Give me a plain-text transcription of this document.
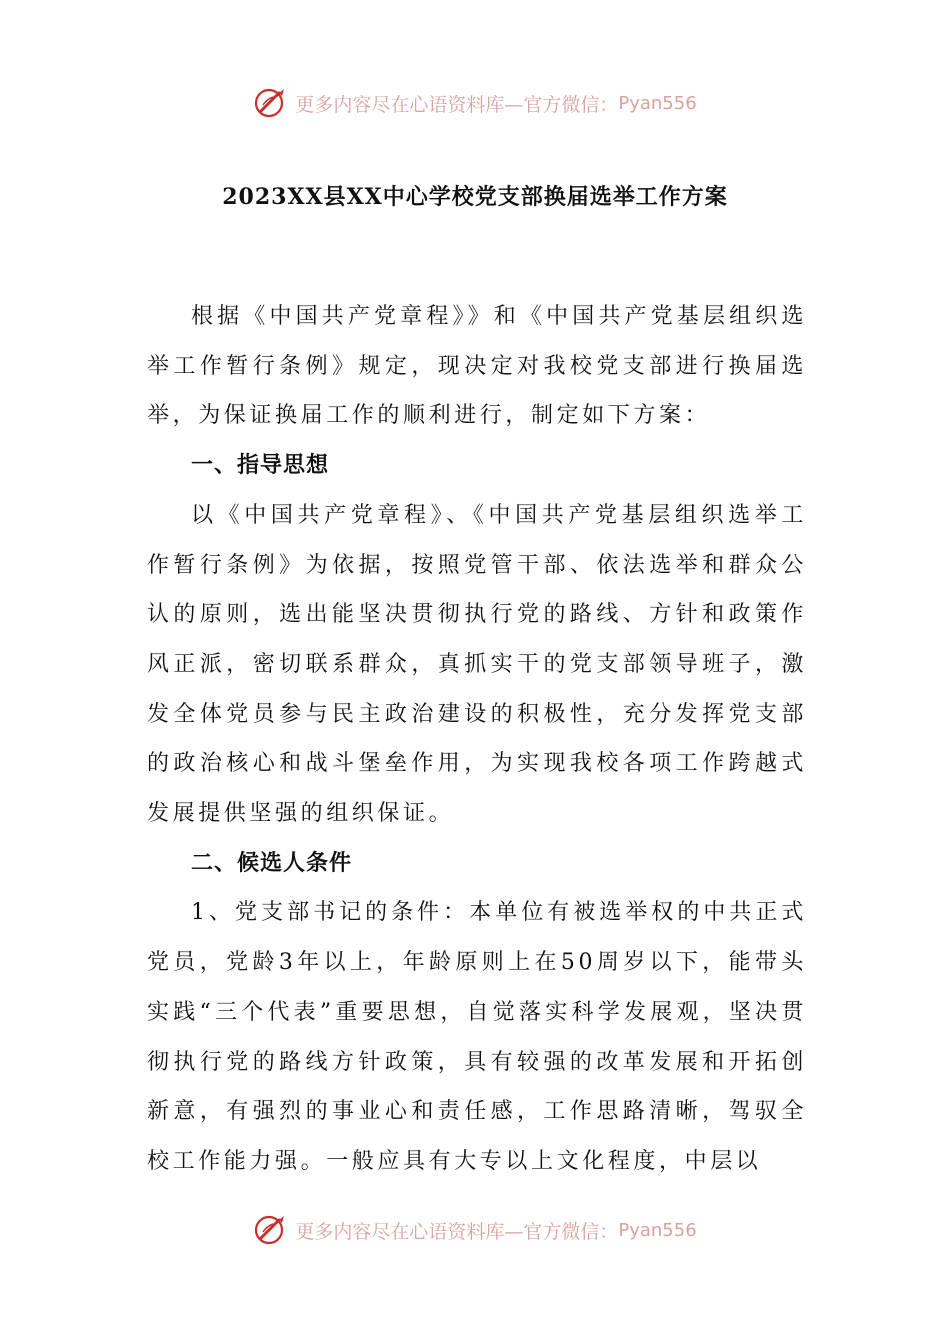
更多内容尽在心语资料库—官方微信： Pyan556
2023XX县XX中心学校党支部换届选举工作方案

根据《中国共产党章程》》和《中国共产党基层组织选举工作暂行条例》规定，现决定对我校党支部进行换届选举，为保证换届工作的顺利进行，制定如下方案：

一、指导思想

以《中国共产党章程》、《中国共产党基层组织选举工作暂行条例》为依据，按照党管干部、依法选举和群众公认的原则，选出能坚决贯彻执行党的路线、方针和政策作风正派，密切联系群众，真抓实干的党支部领导班子，激发全体党员参与民主政治建设的积极性，充分发挥党支部的政治核心和战斗堡垒作用，为实现我校各项工作跨越式发展提供坚强的组织保证。

二、候选人条件

1、党支部书记的条件：本单位有被选举权的中共正式党员，党龄3年以上，年龄原则上在50周岁以下，能带头实践“三个代表”重要思想，自觉落实科学发展观，坚决贯彻执行党的路线方针政策，具有较强的改革发展和开拓创新意，有强烈的事业心和责任感，工作思路清晰，驾驭全校工作能力强。一般应具有大专以上文化程度，中层以

更多内容尽在心语资料库—官方微信： Pyan556
